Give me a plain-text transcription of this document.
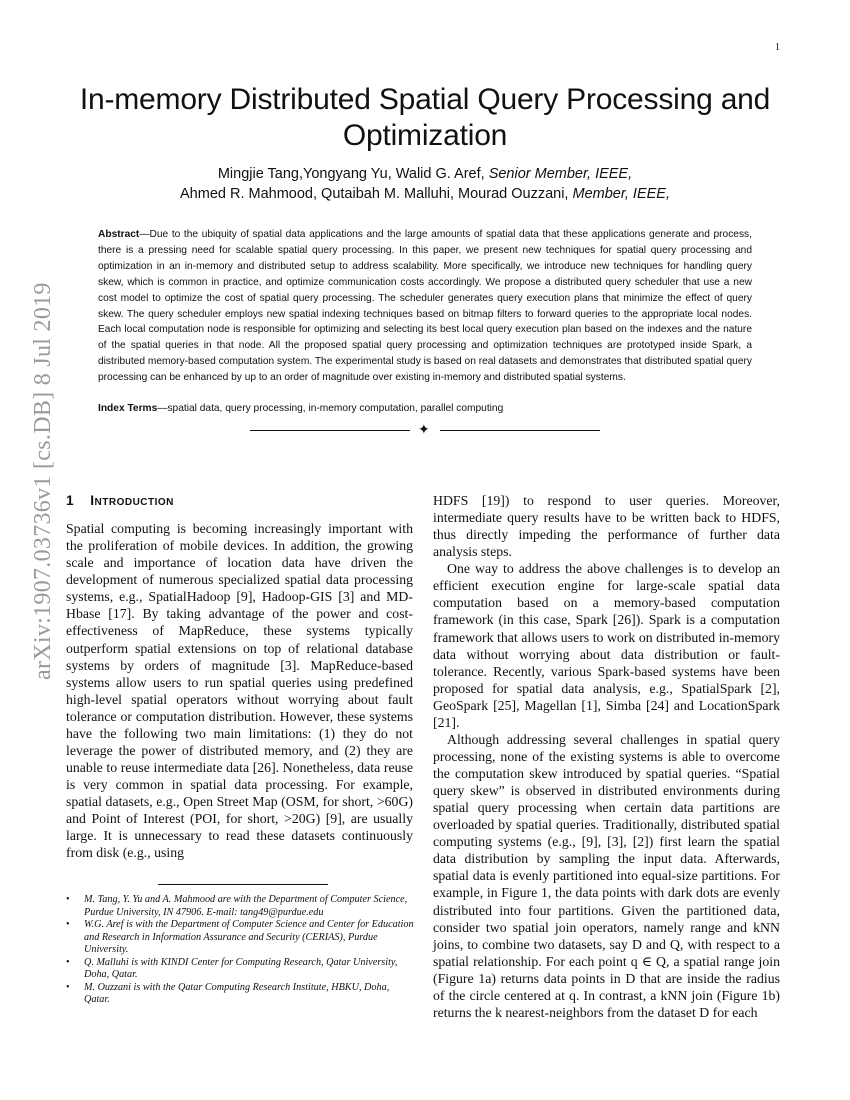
1
arXiv:1907.03736v1 [cs.DB] 8 Jul 2019
In-memory Distributed Spatial Query Processing and Optimization
Mingjie Tang,Yongyang Yu, Walid G. Aref, Senior Member, IEEE,
Ahmed R. Mahmood, Qutaibah M. Malluhi, Mourad Ouzzani, Member, IEEE,
Abstract—Due to the ubiquity of spatial data applications and the large amounts of spatial data that these applications generate and process, there is a pressing need for scalable spatial query processing. In this paper, we present new techniques for spatial query processing and optimization in an in-memory and distributed setup to address scalability. More specifically, we introduce new techniques for handling query skew, which is common in practice, and optimize communication costs accordingly. We propose a distributed query scheduler that use a new cost model to optimize the cost of spatial query processing. The scheduler generates query execution plans that minimize the effect of query skew. The query scheduler employs new spatial indexing techniques based on bitmap filters to forward queries to the appropriate local nodes. Each local computation node is responsible for optimizing and selecting its best local query execution plan based on the indexes and the nature of the spatial queries in that node. All the proposed spatial query processing and optimization techniques are prototyped inside Spark, a distributed memory-based computation system. The experimental study is based on real datasets and demonstrates that distributed spatial query processing can be enhanced by up to an order of magnitude over existing in-memory and distributed spatial systems.
Index Terms—spatial data, query processing, in-memory computation, parallel computing
✦

1 Introduction

Spatial computing is becoming increasingly important with the proliferation of mobile devices. In addition, the growing scale and importance of location data have driven the development of numerous specialized spatial data processing systems, e.g., SpatialHadoop [9], Hadoop-GIS [3] and MD-Hbase [17]. By taking advantage of the power and cost-effectiveness of MapReduce, these systems typically outperform spatial extensions on top of relational database systems by orders of magnitude [3]. MapReduce-based systems allow users to run spatial queries using predefined high-level spatial operators without worrying about fault tolerance or computation distribution. However, these systems have the following two main limitations: (1) they do not leverage the power of distributed memory, and (2) they are unable to reuse intermediate data [26]. Nonetheless, data reuse is very common in spatial data processing. For example, spatial datasets, e.g., Open Street Map (OSM, for short, >60G) and Point of Interest (POI, for short, >20G) [9], are usually large. It is unnecessary to read these datasets continuously from disk (e.g., using

HDFS [19]) to respond to user queries. Moreover, intermediate query results have to be written back to HDFS, thus directly impeding the performance of further data analysis steps.

One way to address the above challenges is to develop an efficient execution engine for large-scale spatial data computation based on a memory-based computation framework (in this case, Spark [26]). Spark is a computation framework that allows users to work on distributed in-memory data without worrying about data distribution or fault-tolerance. Recently, various Spark-based systems have been proposed for spatial data analysis, e.g., SpatialSpark [2], GeoSpark [25], Magellan [1], Simba [24] and LocationSpark [21].

Although addressing several challenges in spatial query processing, none of the existing systems is able to overcome the computation skew introduced by spatial queries. “Spatial query skew” is observed in distributed environments during spatial query processing when certain data partitions are overloaded by spatial queries. Traditionally, distributed spatial computing systems (e.g., [9], [3], [2]) first learn the spatial data distribution by sampling the input data. Afterwards, spatial data is evenly partitioned into equal-size partitions. For example, in Figure 1, the data points with dark dots are evenly distributed into four partitions. Given the partitioned data, consider two spatial join operators, namely range and kNN joins, to combine two datasets, say D and Q, with respect to a spatial relationship. For each point q ∈ Q, a spatial range join (Figure 1a) returns data points in D that are inside the radius of the circle centered at q. In contrast, a kNN join (Figure 1b) returns the k nearest-neighbors from the dataset D for each

• M. Tang, Y. Yu and A. Mahmood are with the Department of Computer Science, Purdue University, IN 47906. E-mail: tang49@purdue.edu
• W.G. Aref is with the Department of Computer Science and Center for Education and Research in Information Assurance and Security (CERIAS), Purdue University.
• Q. Malluhi is with KINDI Center for Computing Research, Qatar University, Doha, Qatar.
• M. Ouzzani is with the Qatar Computing Research Institute, HBKU, Doha, Qatar.
